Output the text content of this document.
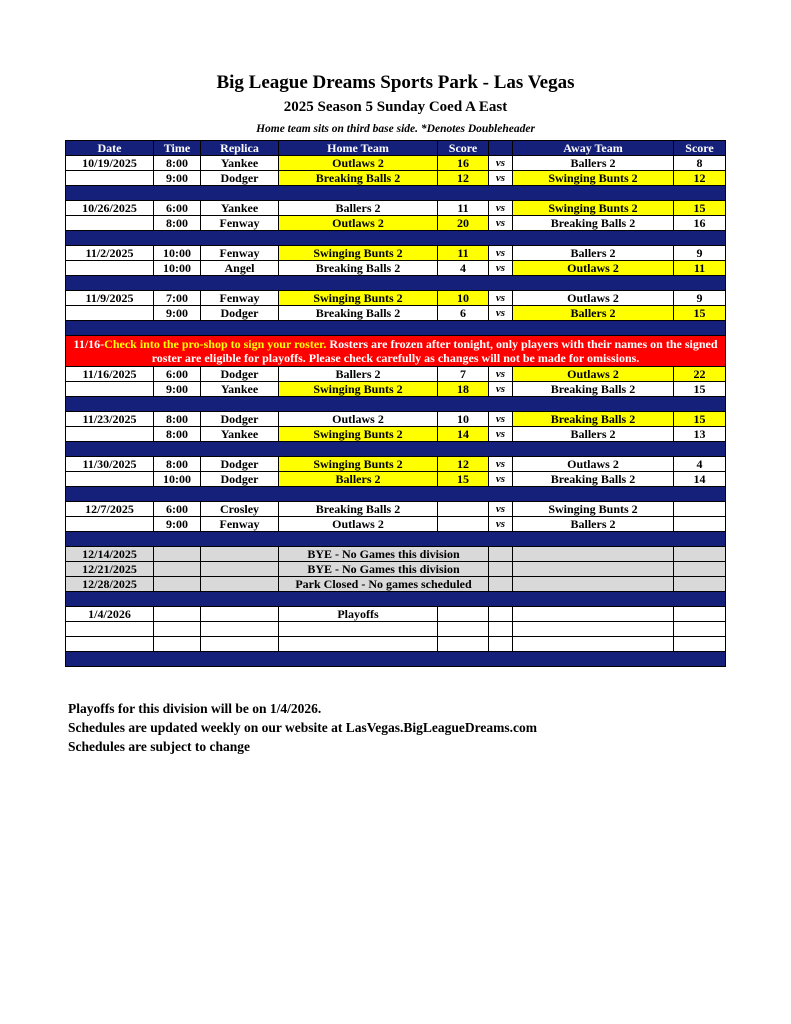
Big League Dreams Sports Park - Las Vegas
2025 Season 5 Sunday Coed A East
Home team sits on third base side. *Denotes Doubleheader
Date	Time	Replica	Home Team	Score		Away Team	Score
10/19/2025	8:00	Yankee	Outlaws 2	16	vs	Ballers 2	8
	9:00	Dodger	Breaking Balls 2	12	vs	Swinging Bunts 2	12

10/26/2025	6:00	Yankee	Ballers 2	11	vs	Swinging Bunts 2	15
	8:00	Fenway	Outlaws 2	20	vs	Breaking Balls 2	16

11/2/2025	10:00	Fenway	Swinging Bunts 2	11	vs	Ballers 2	9
	10:00	Angel	Breaking Balls 2	4	vs	Outlaws 2	11

11/9/2025	7:00	Fenway	Swinging Bunts 2	10	vs	Outlaws 2	9
	9:00	Dodger	Breaking Balls 2	6	vs	Ballers 2	15

11/16-Check into the pro-shop to sign your roster. Rosters are frozen after tonight, only players with their names on the signed roster are eligible for playoffs. Please check carefully as changes will not be made for omissions.							
11/16/2025	6:00	Dodger	Ballers 2	7	vs	Outlaws 2	22
	9:00	Yankee	Swinging Bunts 2	18	vs	Breaking Balls 2	15

11/23/2025	8:00	Dodger	Outlaws 2	10	vs	Breaking Balls 2	15
	8:00	Yankee	Swinging Bunts 2	14	vs	Ballers 2	13

11/30/2025	8:00	Dodger	Swinging Bunts 2	12	vs	Outlaws 2	4
	10:00	Dodger	Ballers 2	15	vs	Breaking Balls 2	14

12/7/2025	6:00	Crosley	Breaking Balls 2		vs	Swinging Bunts 2	
	9:00	Fenway	Outlaws 2		vs	Ballers 2	

12/14/2025			BYE - No Games this division				
12/21/2025			BYE - No Games this division				
12/28/2025			Park Closed - No games scheduled				

1/4/2026			Playoffs				

Playoffs for this division will be on 1/4/2026.
Schedules are updated weekly on our website at LasVegas.BigLeagueDreams.com
Schedules are subject to change
